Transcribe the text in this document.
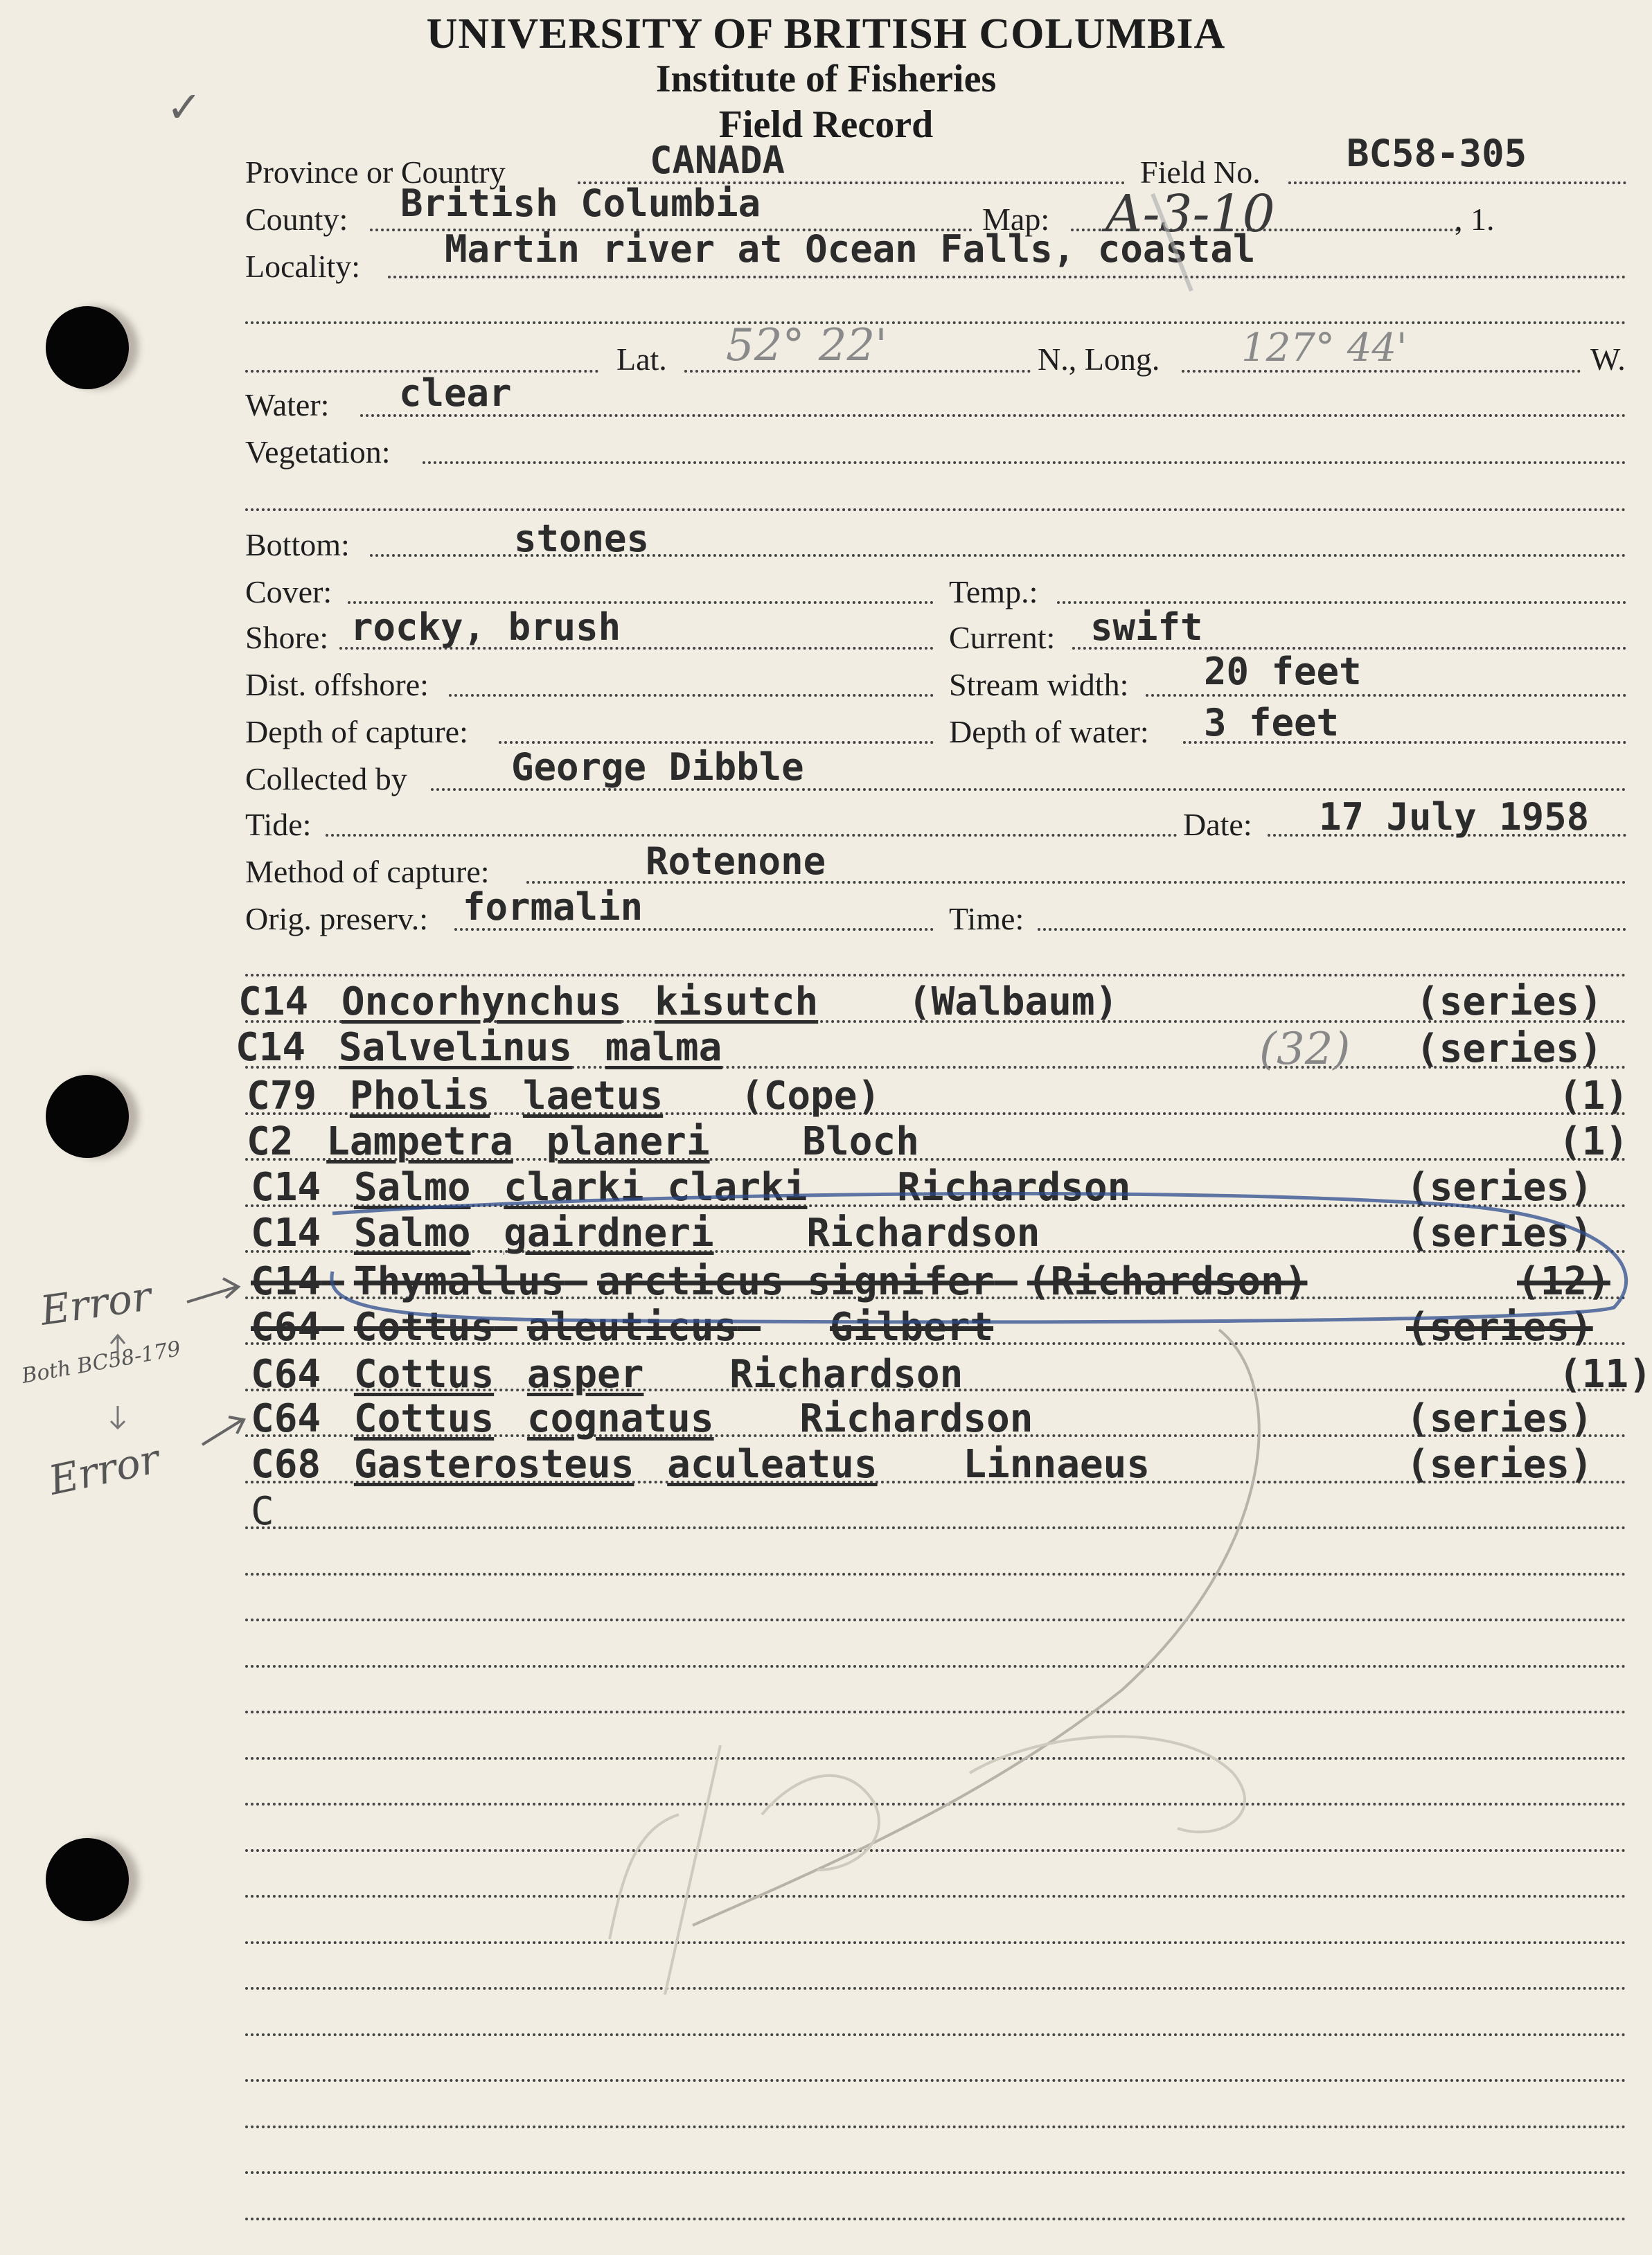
UNIVERSITY OF BRITISH COLUMBIA
Institute of Fisheries
Field Record
✓
Province or Country	CANADA	Field No. BC58-305
County: British Columbia	Map: A-3-10	, 1.
Locality: Martin river at Ocean Falls, coastal
Lat. 52° 22'	N., Long. 127° 44'	W.
Water: clear
Vegetation:
Bottom:	stones
Cover:	Temp.:
Shore: rocky, brush	Current: swift
Dist. offshore:	Stream width: 20 feet
Depth of capture:	Depth of water: 3 feet
Collected by	George Dibble
Tide:	Date: 17 July 1958
Method of capture:	Rotenone
Orig. preserv.: formalin	Time:
C14 Oncorhynchus kisutch (Walbaum)	(series)
C14 Salvelinus malma	(32) (series)
C79 Pholis laetus (Cope)	(1)
C2 Lampetra planeri Bloch	(1)
C14 Salmo clarki clarki Richardson	(series)
C14 Salmo gairdneri Richardson	(series)
C14 Thymallus arcticus signifer (Richardson)	(12)
C64 Cottus aleuticus Gilbert	(series)
C64 Cottus asper Richardson	(11)
C64 Cottus cognatus Richardson	(series)
C68 Gasterosteus aculeatus Linnaeus	(series)
C
Error
Both BC58-179
Error
